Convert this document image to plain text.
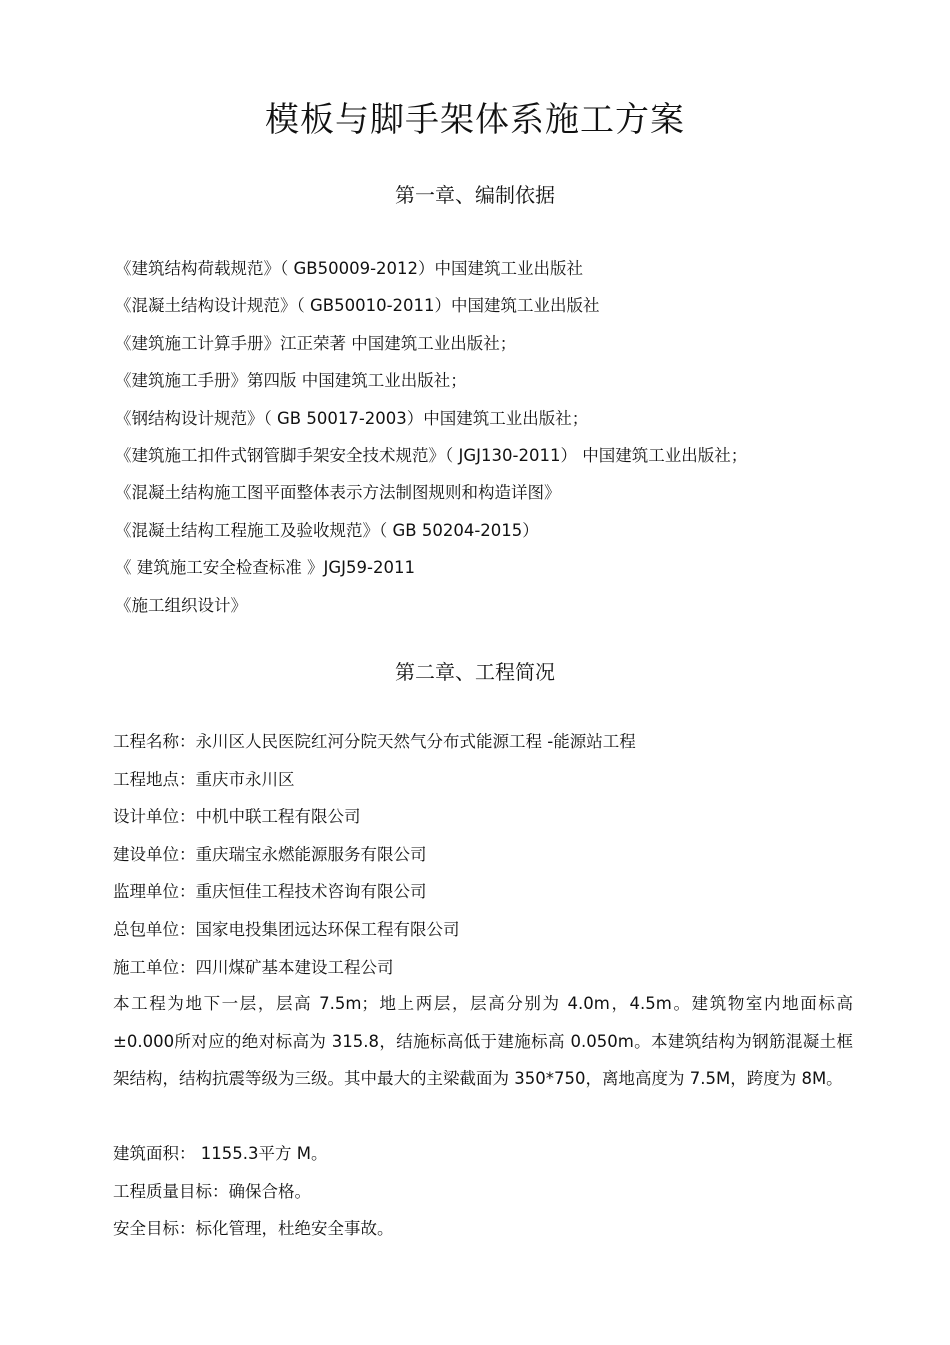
模板与脚手架体系施工方案
第一章、编制依据
《建筑结构荷载规范》（ GB50009-2012）中国建筑工业出版社
《混凝土结构设计规范》（ GB50010-2011）中国建筑工业出版社
《建筑施工计算手册》江正荣著 中国建筑工业出版社；
《建筑施工手册》第四版 中国建筑工业出版社；
《钢结构设计规范》（ GB 50017-2003）中国建筑工业出版社；
《建筑施工扣件式钢管脚手架安全技术规范》（ JGJ130-2011） 中国建筑工业出版社；
《混凝土结构施工图平面整体表示方法制图规则和构造详图》
《混凝土结构工程施工及验收规范》（ GB 50204-2015）
《 建筑施工安全检查标准 》JGJ59-2011
《施工组织设计》
第二章、工程简况
工程名称：永川区人民医院红河分院天然气分布式能源工程 -能源站工程
工程地点：重庆市永川区
设计单位：中机中联工程有限公司
建设单位：重庆瑞宝永燃能源服务有限公司
监理单位：重庆恒佳工程技术咨询有限公司
总包单位：国家电投集团远达环保工程有限公司
施工单位：四川煤矿基本建设工程公司

本工程为地下一层，层高 7.5m；地上两层，层高分别为 4.0m，4.5m。建筑物室内地面标高±0.000所对应的绝对标高为 315.8，结施标高低于建施标高 0.050m。本建筑结构为钢筋混凝土框架结构，结构抗震等级为三级。其中最大的主梁截面为 350*750，离地高度为 7.5M，跨度为 8M。

建筑面积： 1155.3平方 M。
工程质量目标：确保合格。
安全目标：标化管理，杜绝安全事故。
